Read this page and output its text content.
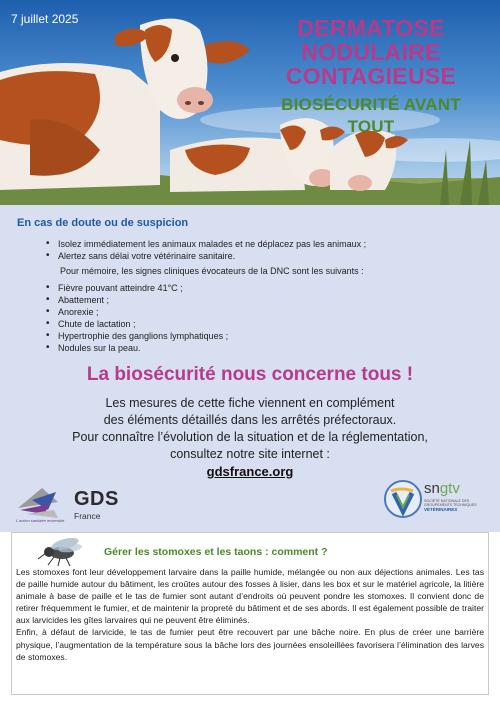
7 juillet 2025	DERMATOSE
NODULAIRE
CONTAGIEUSE
BIOSÉCURITÉ AVANT TOUT
En cas de doute ou de suspicion
• Isolez immédiatement les animaux malades et ne déplacez pas les animaux ;
• Alertez sans délai votre vétérinaire sanitaire.
Pour mémoire, les signes cliniques évocateurs de la DNC sont les suivants :
• Fièvre pouvant atteindre 41°C ;
• Abattement ;
• Anorexie ;
• Chute de lactation ;
• Hypertrophie des ganglions lymphatiques ;
• Nodules sur la peau.
La biosécurité nous concerne tous !
Les mesures de cette fiche viennent en complément
des éléments détaillés dans les arrêtés préfectoraux.
Pour connaître l’évolution de la situation et de la réglementation,
consultez notre site internet :
gdsfrance.org
GDS
France
L'action sanitaire ensemble
sngtv
SOCIÉTÉ NATIONALE DES GROUPEMENTS TECHNIQUES
VÉTÉRINAIRES
Gérer les stomoxes et les taons : comment ?

Les stomoxes font leur développement larvaire dans la paille humide, mélangée ou non aux déjections animales. Les tas de paille humide autour du bâtiment, les croûtes autour des fosses à lisier, dans les box et sur le matériel agricole, la litière animale à base de paille et le tas de fumier sont autant d’endroits où peuvent pondre les stomoxes. Il convient donc de retirer fréquemment le fumier, et de maintenir la propreté du bâtiment et de ses abords. Il est également possible de traiter aux larvicides les gîtes larvaires qui ne peuvent être éliminés.

Enfin, à défaut de larvicide, le tas de fumier peut être recouvert par une bâche noire. En plus de créer une barrière physique, l’augmentation de la température sous la bâche lors des journées ensoleillées favorisera l’élimination des larves de stomoxes.
